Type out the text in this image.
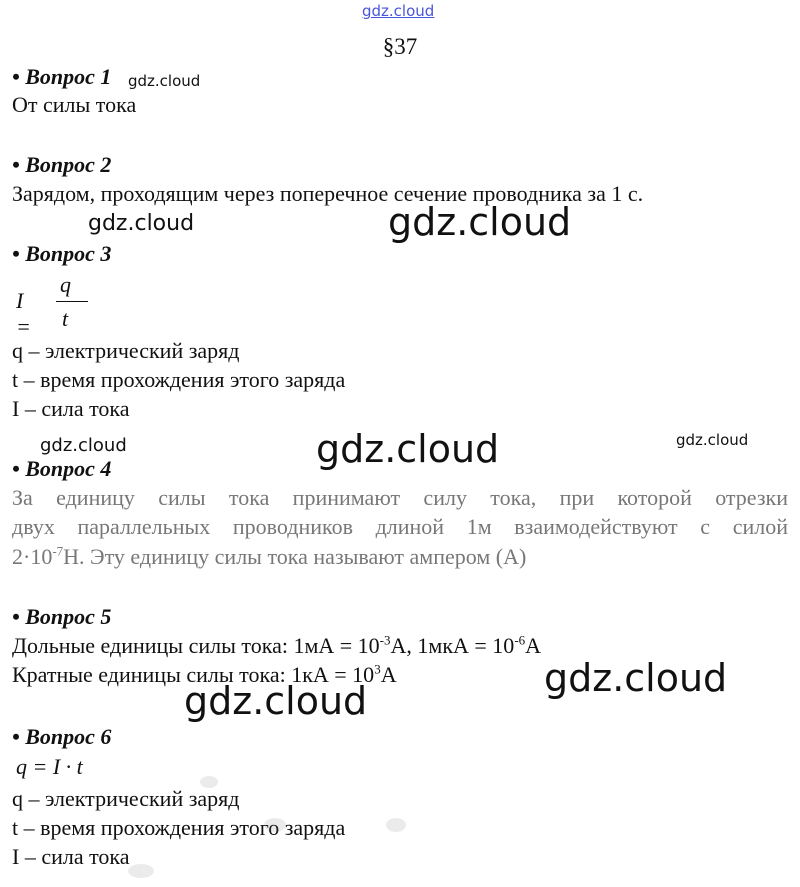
gdz.cloud
gdz.cloud
gdz.cloud	gdz.cloud
gdz.cloud	gdz.cloud	gdz.cloud
gdz.cloud
gdz.cloud
§37
• Вопрос 1
От силы тока
• Вопрос 2
Зарядом, проходящим через поперечное сечение проводника за 1 с.
• Вопрос 3
I =
q
t
q – электрический заряд
t – время прохождения этого заряда
I – сила тока
• Вопрос 4
За единицу силы тока принимают силу тока, при которой отрезки
двух параллельных проводников длиной 1м взаимодействуют с силой
$2\cdot 10^{-7}Н$. Эту единицу силы тока называют ампером (А)
• Вопрос 5
Дольные единицы силы тока: $1мА = 10^{-3}А$, $1мкА = 10^{-6}А$
Кратные единицы силы тока: $1кА = 10^3А$
• Вопрос 6
q = I · t
q – электрический заряд
t – время прохождения этого заряда
I – сила тока
